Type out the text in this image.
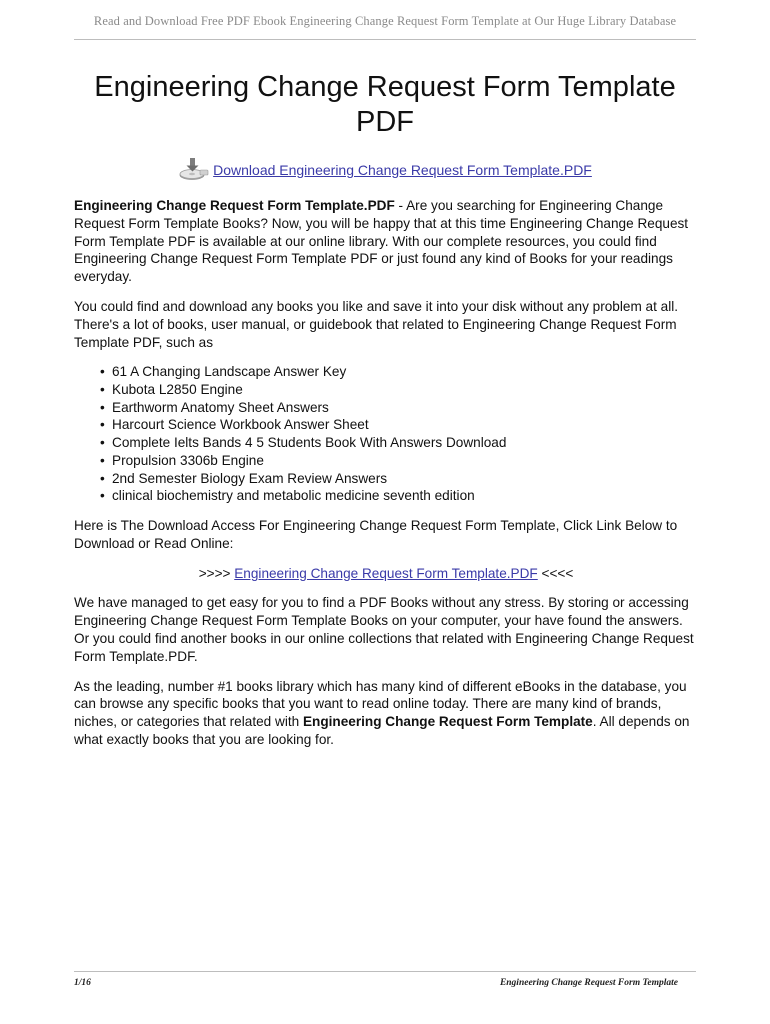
Read and Download Free PDF Ebook Engineering Change Request Form Template at Our Huge Library Database
Engineering Change Request Form Template PDF
Download Engineering Change Request Form Template.PDF

Engineering Change Request Form Template.PDF - Are you searching for Engineering Change Request Form Template Books? Now, you will be happy that at this time Engineering Change Request Form Template PDF is available at our online library. With our complete resources, you could find Engineering Change Request Form Template PDF or just found any kind of Books for your readings everyday.

You could find and download any books you like and save it into your disk without any problem at all. There's a lot of books, user manual, or guidebook that related to Engineering Change Request Form Template PDF, such as

• 61 A Changing Landscape Answer Key
• Kubota L2850 Engine
• Earthworm Anatomy Sheet Answers
• Harcourt Science Workbook Answer Sheet
• Complete Ielts Bands 4 5 Students Book With Answers Download
• Propulsion 3306b Engine
• 2nd Semester Biology Exam Review Answers
• clinical biochemistry and metabolic medicine seventh edition

Here is The Download Access For Engineering Change Request Form Template, Click Link Below to Download or Read Online:

>>>> Engineering Change Request Form Template.PDF <<<<

We have managed to get easy for you to find a PDF Books without any stress. By storing or accessing Engineering Change Request Form Template Books on your computer, your have found the answers. Or you could find another books in our online collections that related with Engineering Change Request Form Template.PDF.

As the leading, number #1 books library which has many kind of different eBooks in the database, you can browse any specific books that you want to read online today. There are many kind of brands, niches, or categories that related with Engineering Change Request Form Template. All depends on what exactly books that you are looking for.

1/16	Engineering Change Request Form Template
